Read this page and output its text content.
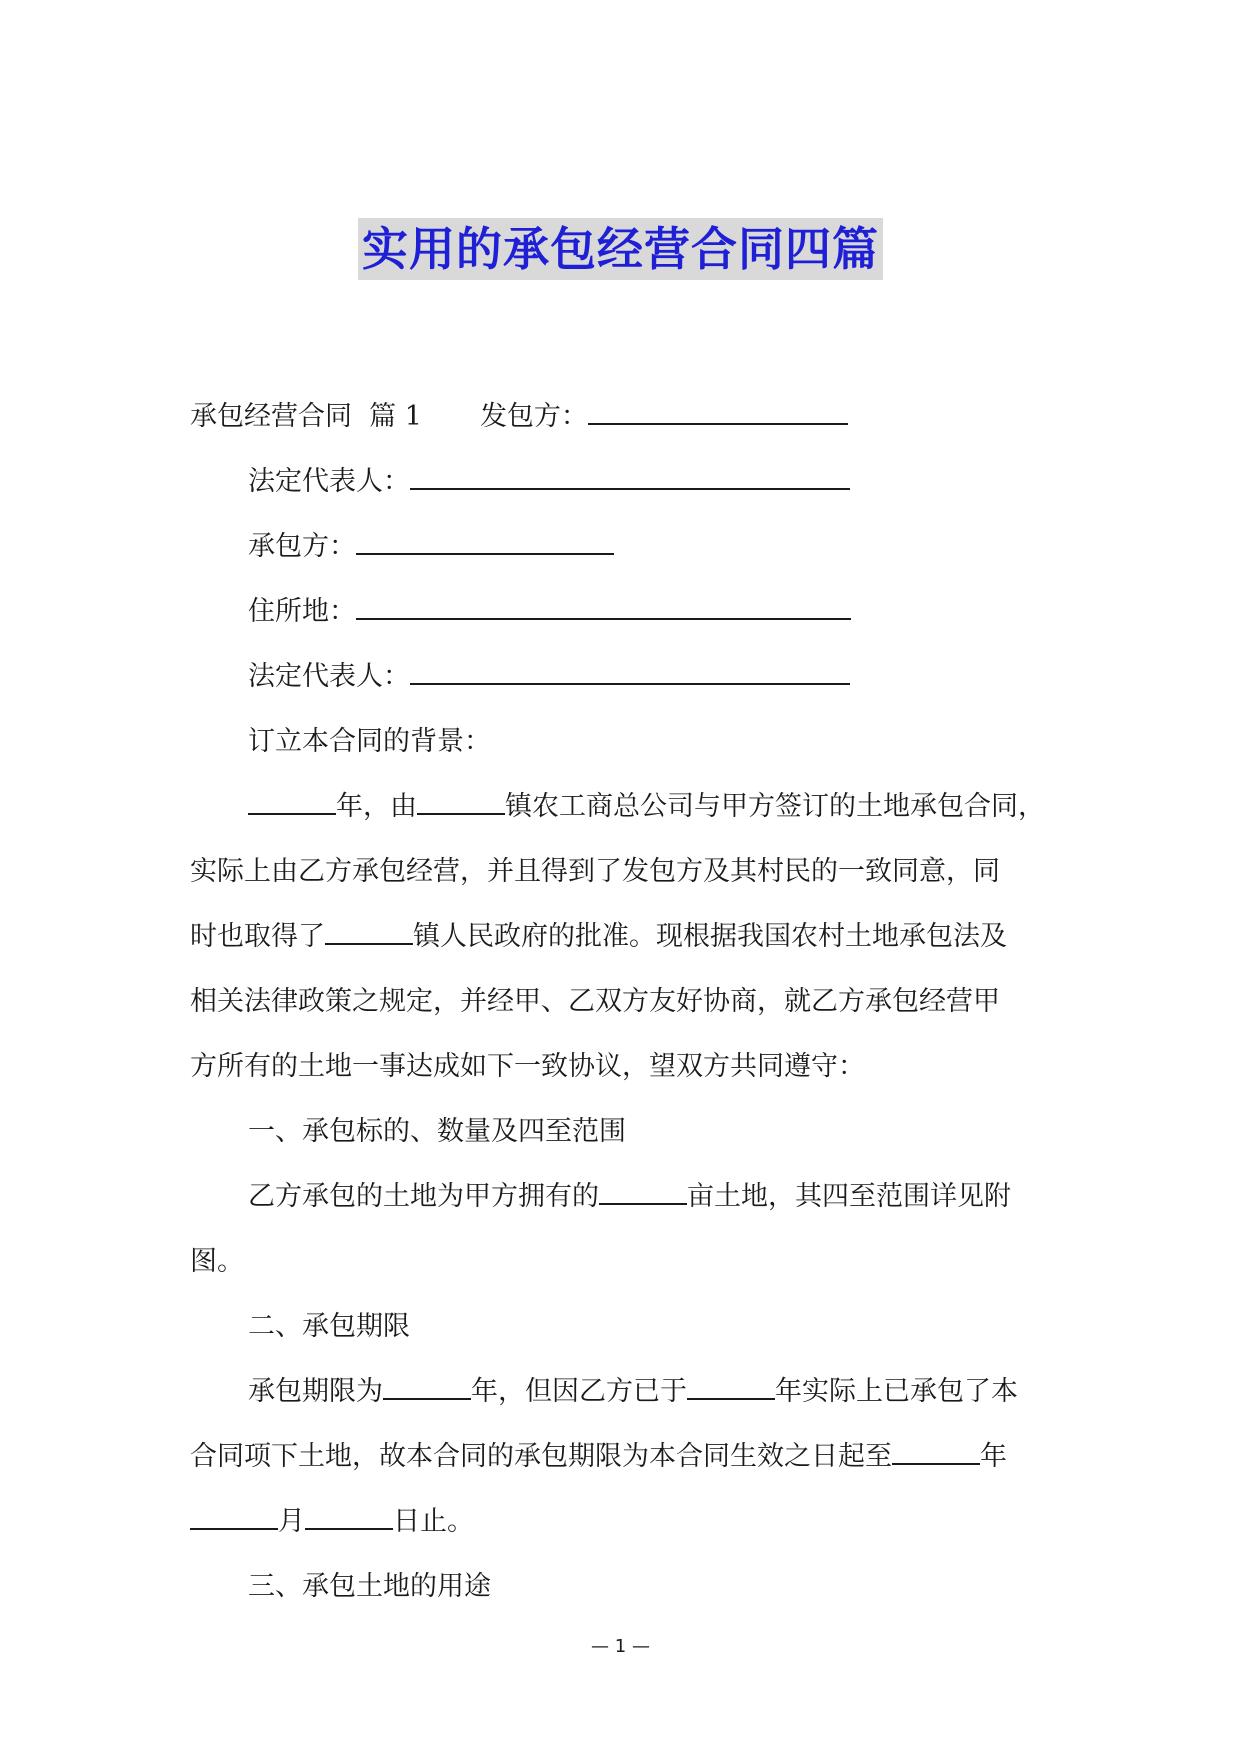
实用的承包经营合同四篇
承包经营合同  篇 1 发包方：
法定代表人：
承包方：
住所地：
法定代表人：
订立本合同的背景：
年，由	镇农工商总公司与甲方签订的土地承包合同，
实际上由乙方承包经营，并且得到了发包方及其村民的一致同意，同
时也取得了	镇人民政府的批准。现根据我国农村土地承包法及
相关法律政策之规定，并经甲、乙双方友好协商，就乙方承包经营甲
方所有的土地一事达成如下一致协议，望双方共同遵守：
一、承包标的、数量及四至范围
乙方承包的土地为甲方拥有的	亩土地，其四至范围详见附
图。
二、承包期限
承包期限为	年，但因乙方已于	年实际上已承包了本
合同项下土地，故本合同的承包期限为本合同生效之日起至	年
月	日止。
三、承包土地的用途
— 1 —
